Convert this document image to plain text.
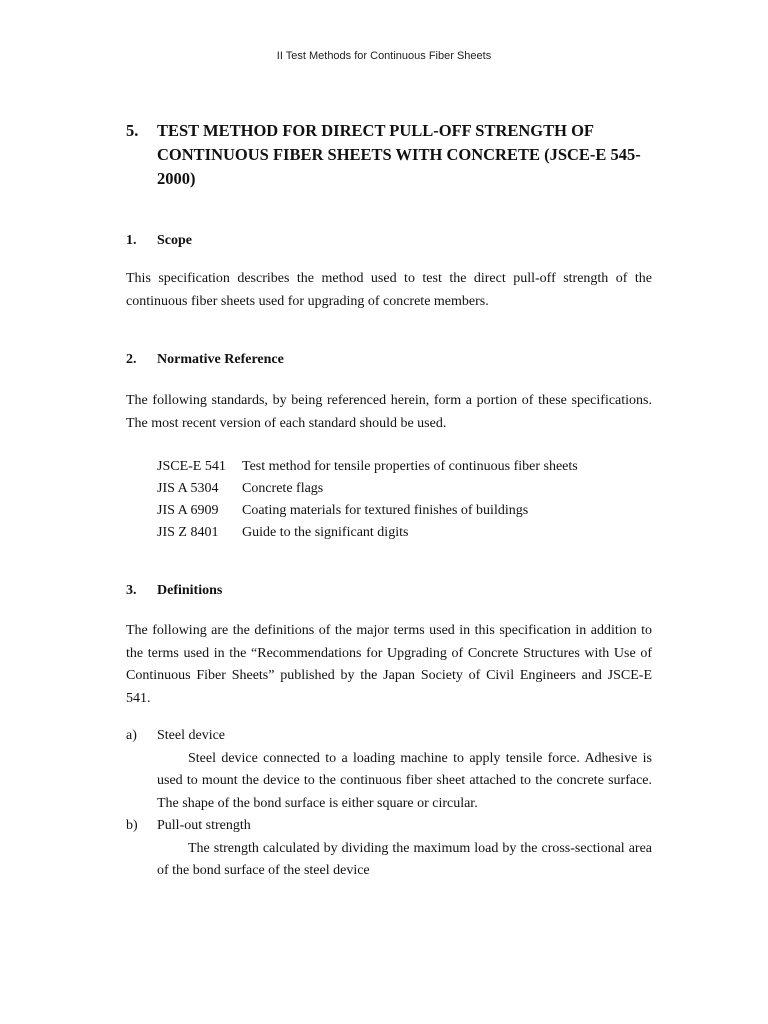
II Test Methods for Continuous Fiber Sheets
5. TEST METHOD FOR DIRECT PULL-OFF STRENGTH OF CONTINUOUS FIBER SHEETS WITH CONCRETE (JSCE-E 545-2000)
1. Scope

This specification describes the method used to test the direct pull-off strength of the continuous fiber sheets used for upgrading of concrete members.

2. Normative Reference

The following standards, by being referenced herein, form a portion of these specifications. The most recent version of each standard should be used.

JSCE-E 541	Test method for tensile properties of continuous fiber sheets
JIS A 5304	Concrete flags
JIS A 6909	Coating materials for textured finishes of buildings
JIS Z 8401	Guide to the significant digits
3. Definitions

The following are the definitions of the major terms used in this specification in addition to the terms used in the “Recommendations for Upgrading of Concrete Structures with Use of Continuous Fiber Sheets” published by the Japan Society of Civil Engineers and JSCE-E 541.

a)	Steel device
Steel device connected to a loading machine to apply tensile force. Adhesive is used to mount the device to the continuous fiber sheet attached to the concrete surface. The shape of the bond surface is either square or circular.
b)	Pull-out strength
The strength calculated by dividing the maximum load by the cross-sectional area of the bond surface of the steel device
